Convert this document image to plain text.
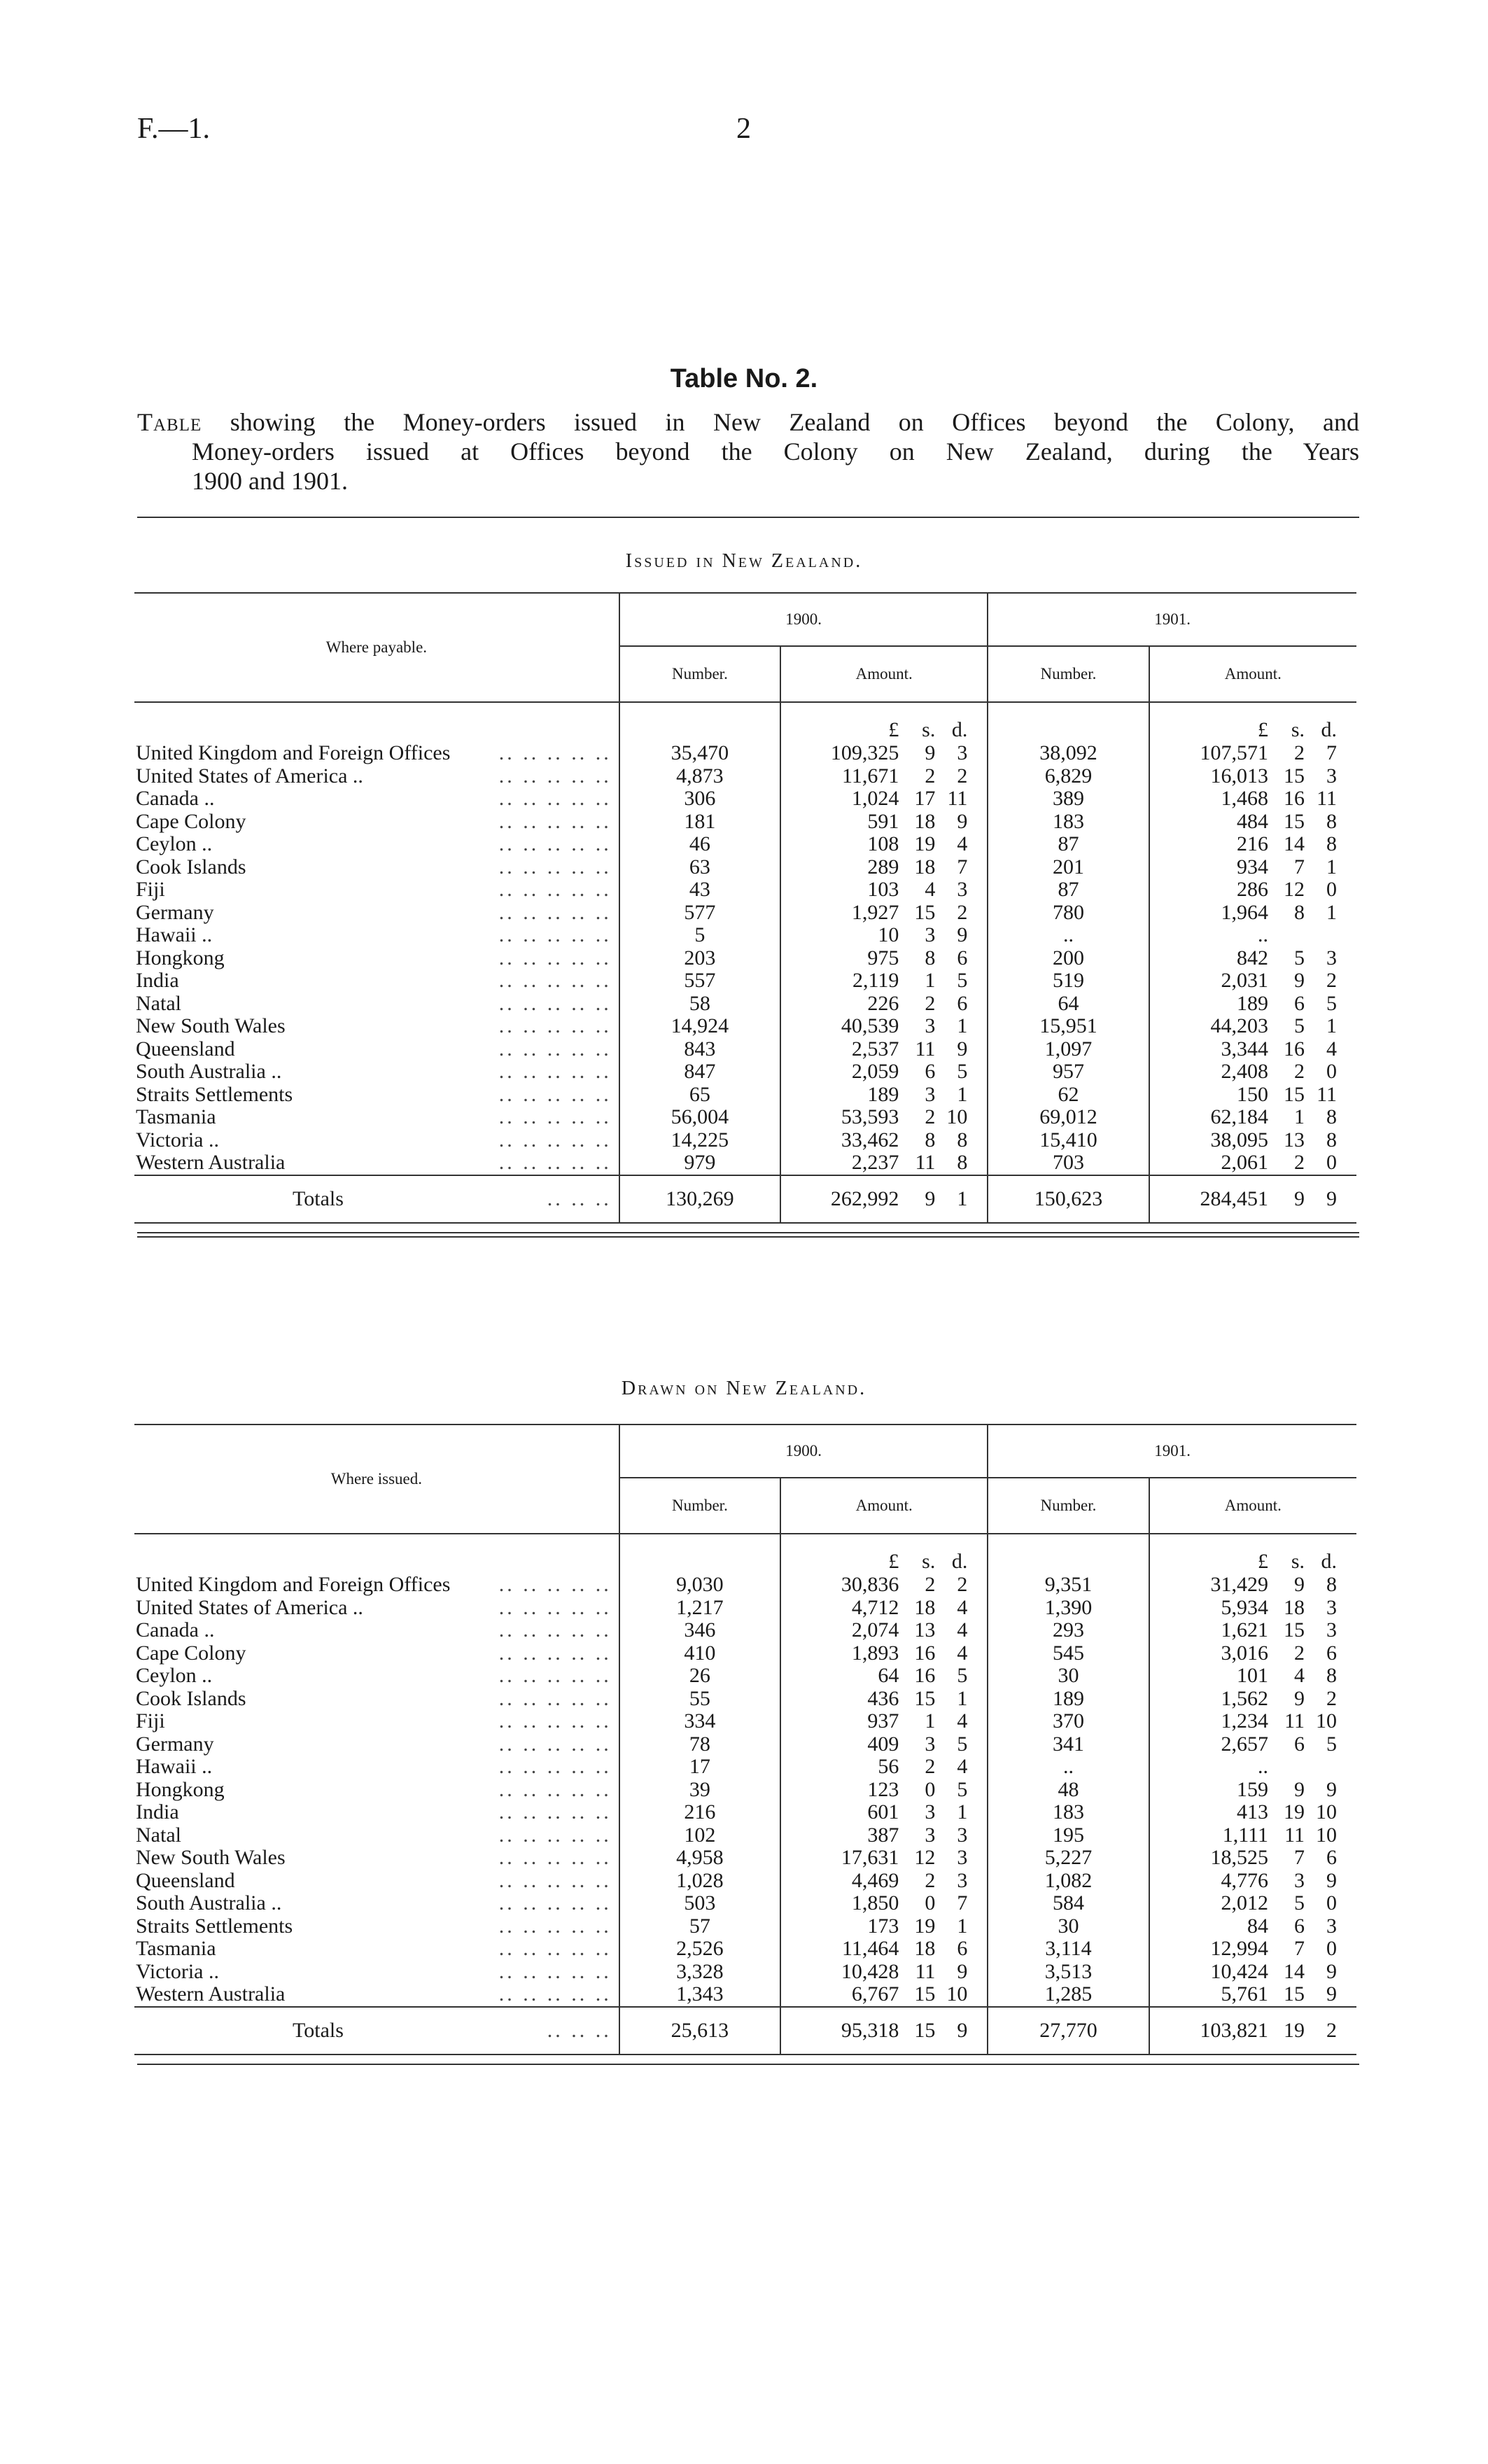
F.—1.	2
Table No. 2.

Table showing the Money-orders issued in New Zealand on Offices beyond the Colony, and

Money-orders issued at Offices beyond the Colony on New Zealand, during the Years

1900 and 1901.

Issued in New Zealand.
Where payable.	1900.		1901.	
	Number.	Amount.	Number.	Amount.

		£ s. d.		£ s. d.

.. .. .. .. ..
United Kingdom and Foreign Offices	35,470	109,325 9 3	38,092	107,571 2 7

.. .. .. .. ..
United States of America ..	4,873	11,671 2 2	6,829	16,013 15 3

.. .. .. .. ..
Canada ..	306	1,024 17 11	389	1,468 16 11

.. .. .. .. ..
Cape Colony	181	591 18 9	183	484 15 8

.. .. .. .. ..
Ceylon ..	46	108 19 4	87	216 14 8

.. .. .. .. ..
Cook Islands	63	289 18 7	201	934 7 1

.. .. .. .. ..
Fiji	43	103 4 3	87	286 12 0

.. .. .. .. ..
Germany	577	1,927 15 2	780	1,964 8 1

.. .. .. .. ..
Hawaii ..	5	10 3 9	..	..

.. .. .. .. ..
Hongkong	203	975 8 6	200	842 5 3

.. .. .. .. ..
India	557	2,119 1 5	519	2,031 9 2

.. .. .. .. ..
Natal	58	226 2 6	64	189 6 5

.. .. .. .. ..
New South Wales	14,924	40,539 3 1	15,951	44,203 5 1

.. .. .. .. ..
Queensland	843	2,537 11 9	1,097	3,344 16 4

.. .. .. .. ..
South Australia ..	847	2,059 6 5	957	2,408 2 0

.. .. .. .. ..
Straits Settlements	65	189 3 1	62	150 15 11

.. .. .. .. ..
Tasmania	56,004	53,593 2 10	69,012	62,184 1 8

.. .. .. .. ..
Victoria ..	14,225	33,462 8 8	15,410	38,095 13 8

.. .. .. .. ..
Western Australia	979	2,237 11 8	703	2,061 2 0

.. .. ..
Totals	130,269	262,992 9 1	150,623	284,451 9 9
Drawn on New Zealand.
Where issued.	1900.		1901.	
	Number.	Amount.	Number.	Amount.

		£ s. d.		£ s. d.

.. .. .. .. ..
United Kingdom and Foreign Offices	9,030	30,836 2 2	9,351	31,429 9 8

.. .. .. .. ..
United States of America ..	1,217	4,712 18 4	1,390	5,934 18 3

.. .. .. .. ..
Canada ..	346	2,074 13 4	293	1,621 15 3

.. .. .. .. ..
Cape Colony	410	1,893 16 4	545	3,016 2 6

.. .. .. .. ..
Ceylon ..	26	64 16 5	30	101 4 8

.. .. .. .. ..
Cook Islands	55	436 15 1	189	1,562 9 2

.. .. .. .. ..
Fiji	334	937 1 4	370	1,234 11 10

.. .. .. .. ..
Germany	78	409 3 5	341	2,657 6 5

.. .. .. .. ..
Hawaii ..	17	56 2 4	..	..

.. .. .. .. ..
Hongkong	39	123 0 5	48	159 9 9

.. .. .. .. ..
India	216	601 3 1	183	413 19 10

.. .. .. .. ..
Natal	102	387 3 3	195	1,111 11 10

.. .. .. .. ..
New South Wales	4,958	17,631 12 3	5,227	18,525 7 6

.. .. .. .. ..
Queensland	1,028	4,469 2 3	1,082	4,776 3 9

.. .. .. .. ..
South Australia ..	503	1,850 0 7	584	2,012 5 0

.. .. .. .. ..
Straits Settlements	57	173 19 1	30	84 6 3

.. .. .. .. ..
Tasmania	2,526	11,464 18 6	3,114	12,994 7 0

.. .. .. .. ..
Victoria ..	3,328	10,428 11 9	3,513	10,424 14 9

.. .. .. .. ..
Western Australia	1,343	6,767 15 10	1,285	5,761 15 9

.. .. ..
Totals	25,613	95,318 15 9	27,770	103,821 19 2
